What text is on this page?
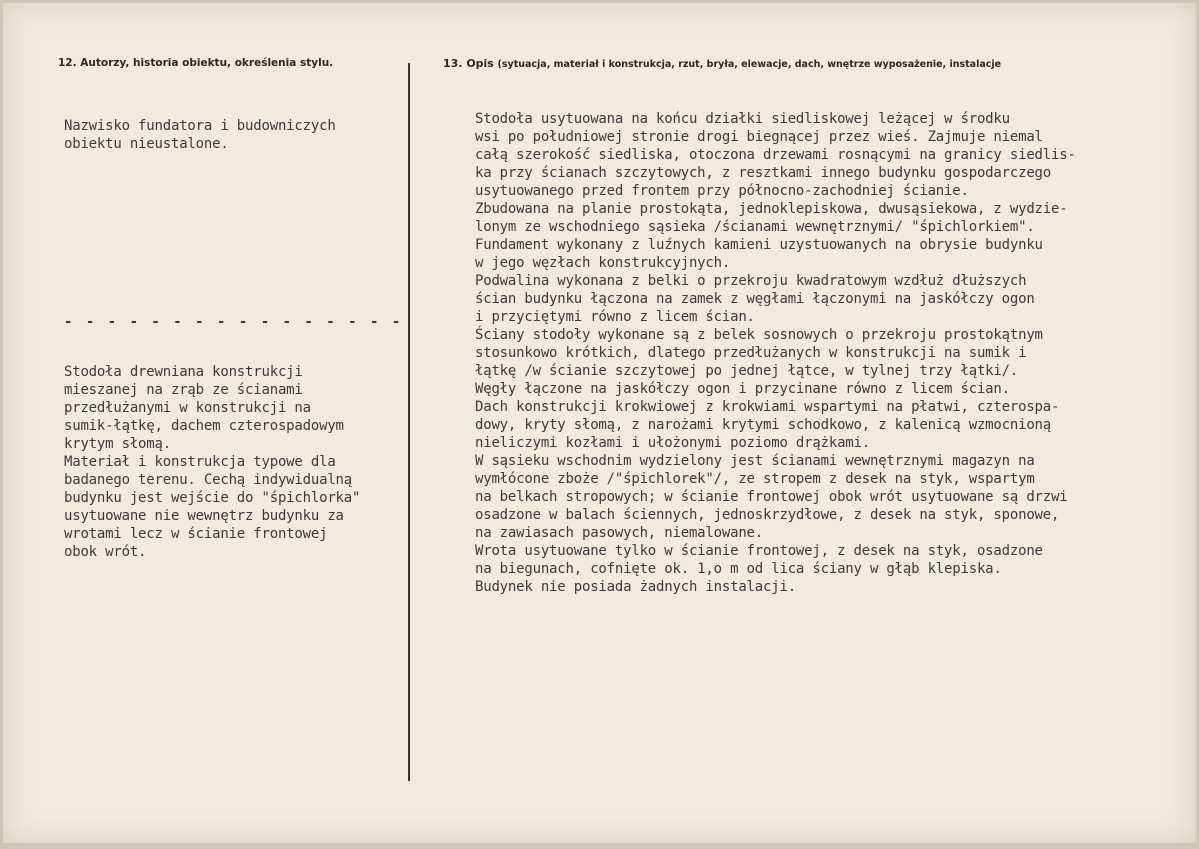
12. Autorzy, historia obiektu, określenia stylu.	13. Opis (sytuacja, materiał i konstrukcja, rzut, bryła, elewacje, dach, wnętrze wyposażenie, instalacje
Nazwisko fundatora i budowniczych
obiektu nieustalone.
- - - - - - - - - - - - - - - -
Stodoła drewniana konstrukcji
mieszanej na zrąb ze ścianami
przedłużanymi w konstrukcji na
sumik-łątkę, dachem czterospadowym
krytym słomą.
Materiał i konstrukcja typowe dla
badanego terenu. Cechą indywidualną
budynku jest wejście do "śpichlorka"
usytuowane nie wewnętrz budynku za
wrotami lecz w ścianie frontowej
obok wrót.
Stodoła usytuowana na końcu działki siedliskowej leżącej w środku
wsi po południowej stronie drogi biegnącej przez wieś. Zajmuje niemal
całą szerokość siedliska, otoczona drzewami rosnącymi na granicy siedlis-
ka przy ścianach szczytowych, z resztkami innego budynku gospodarczego
usytuowanego przed frontem przy północno-zachodniej ścianie.
Zbudowana na planie prostokąta, jednoklepiskowa, dwusąsiekowa, z wydzie-
lonym ze wschodniego sąsieka /ścianami wewnętrznymi/ "śpichlorkiem".
Fundament wykonany z luźnych kamieni uzystuowanych na obrysie budynku
w jego węzłach konstrukcyjnych.
Podwalina wykonana z belki o przekroju kwadratowym wzdłuż dłuższych
ścian budynku łączona na zamek z węgłami łączonymi na jaskółczy ogon
i przyciętymi równo z licem ścian.
Ściany stodoły wykonane są z belek sosnowych o przekroju prostokątnym
stosunkowo krótkich, dlatego przedłużanych w konstrukcji na sumik i
łątkę /w ścianie szczytowej po jednej łątce, w tylnej trzy łątki/.
Węgły łączone na jaskółczy ogon i przycinane równo z licem ścian.
Dach konstrukcji krokwiowej z krokwiami wspartymi na płatwi, czterospa-
dowy, kryty słomą, z narożami krytymi schodkowo, z kalenicą wzmocnioną
nieliczymi kozłami i ułożonymi poziomo drążkami.
W sąsieku wschodnim wydzielony jest ścianami wewnętrznymi magazyn na
wymłócone zboże /"śpichlorek"/, ze stropem z desek na styk, wspartym
na belkach stropowych; w ścianie frontowej obok wrót usytuowane są drzwi
osadzone w balach ściennych, jednoskrzydłowe, z desek na styk, sponowe,
na zawiasach pasowych, niemalowane.
Wrota usytuowane tylko w ścianie frontowej, z desek na styk, osadzone
na biegunach, cofnięte ok. 1,o m od lica ściany w głąb klepiska.
Budynek nie posiada żadnych instalacji.
